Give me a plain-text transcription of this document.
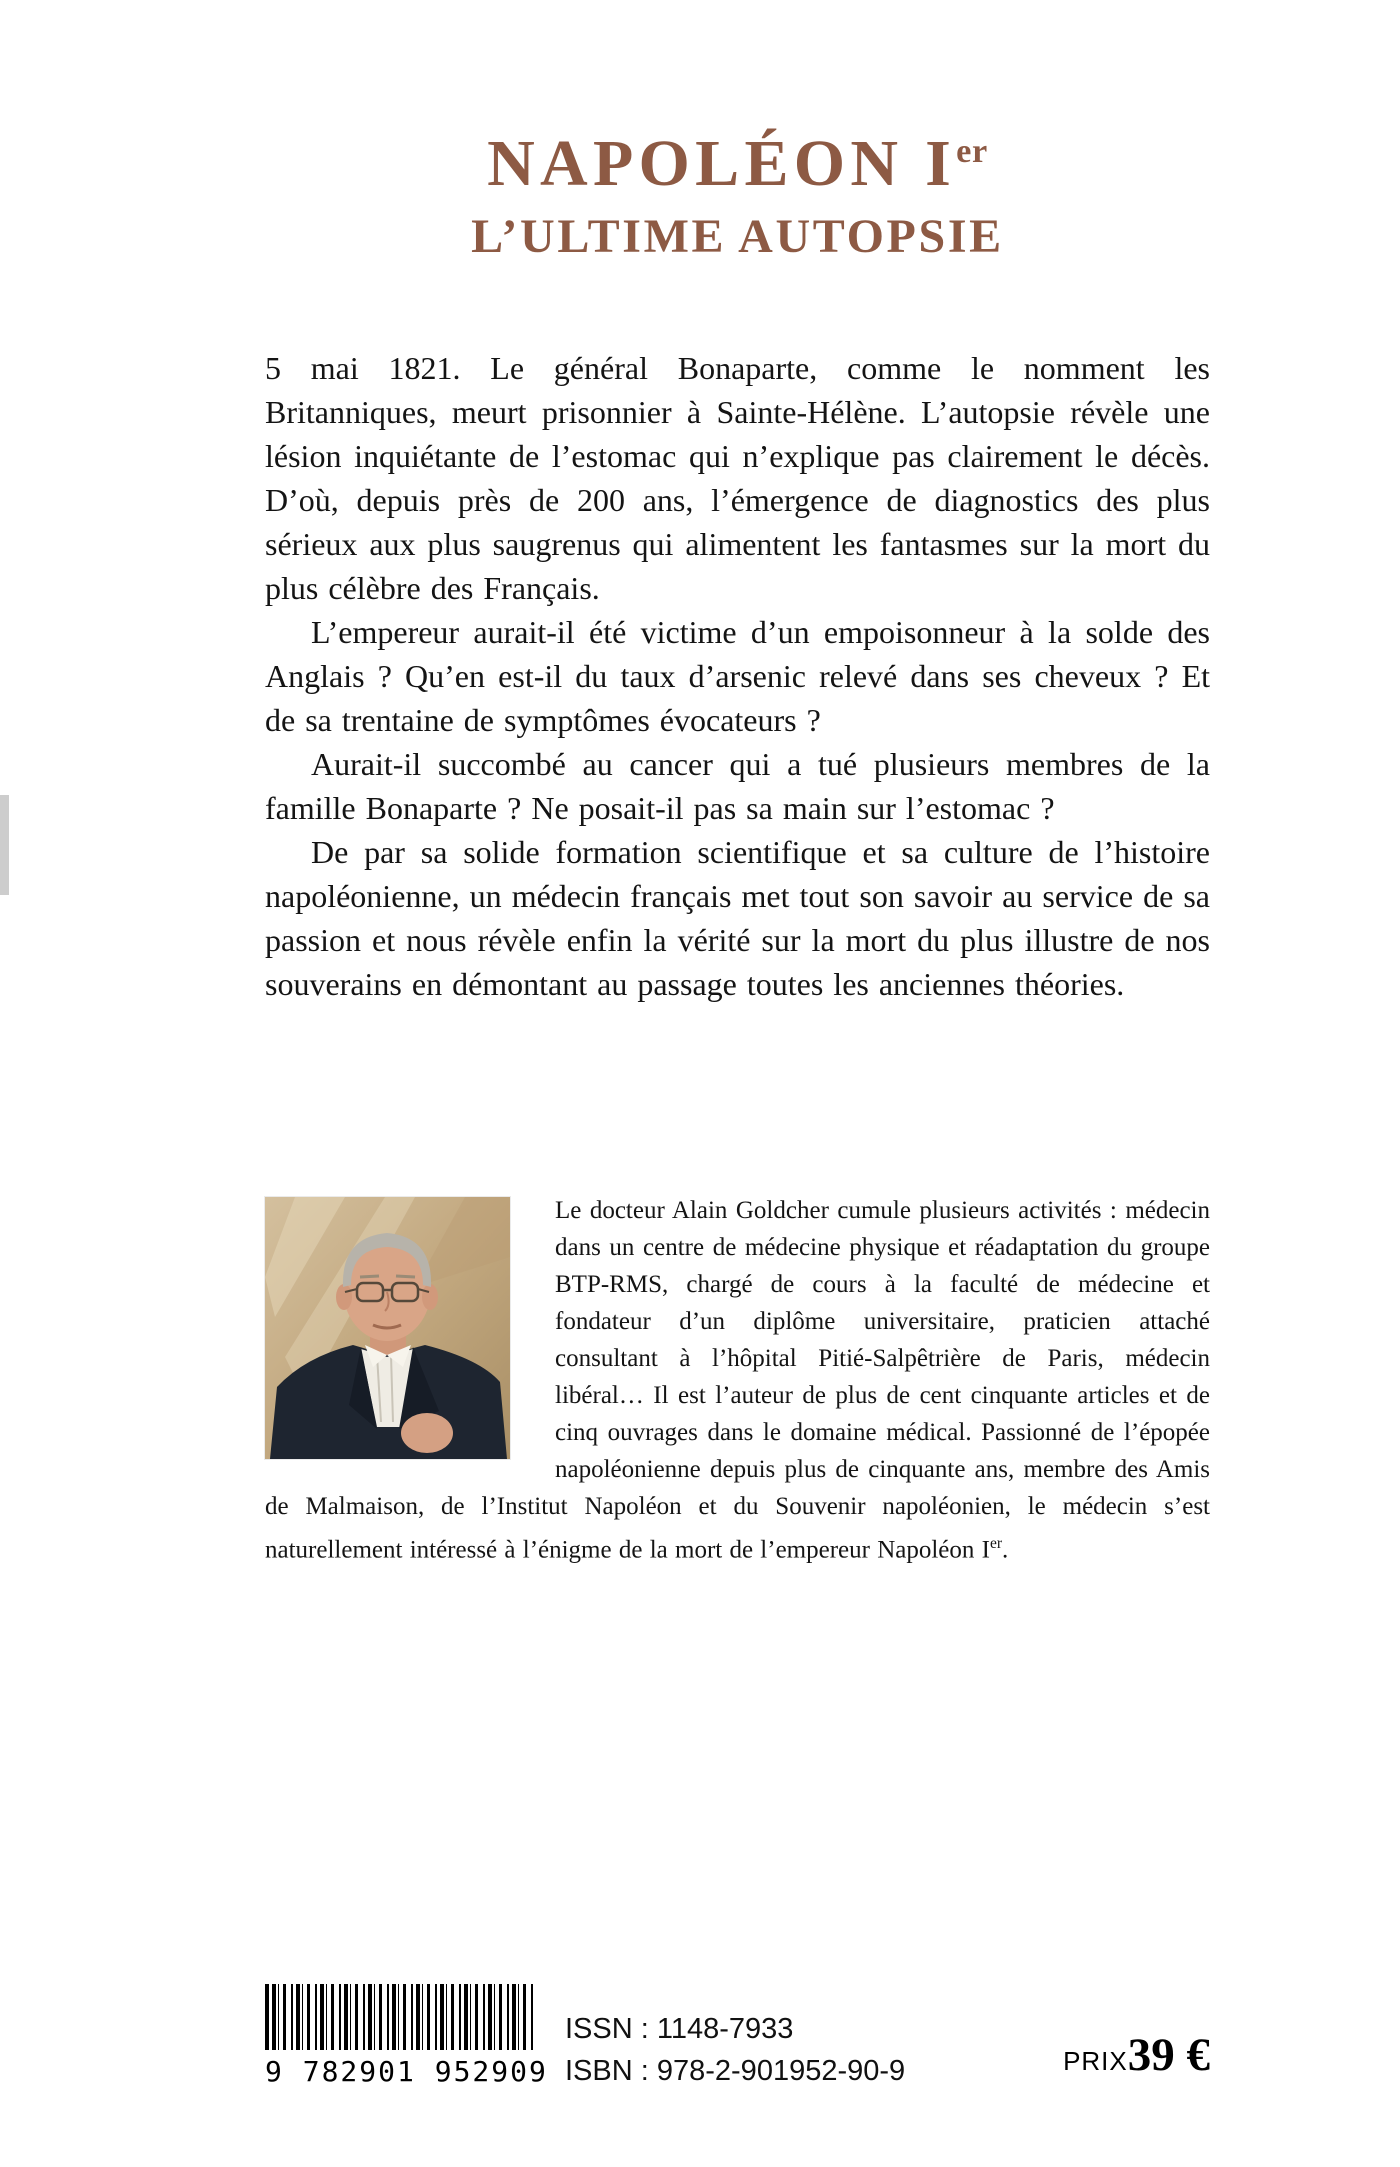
NAPOLÉON Ier
L’ULTIME AUTOPSIE

5 mai 1821. Le général Bonaparte, comme le nomment les Britanniques, meurt prisonnier à Sainte-Hélène. L’autopsie révèle une lésion inquiétante de l’estomac qui n’explique pas clairement le décès. D’où, depuis près de 200 ans, l’émergence de diagnostics des plus sérieux aux plus saugrenus qui alimentent les fantasmes sur la mort du plus célèbre des Français.

L’empereur aurait-il été victime d’un empoisonneur à la solde des Anglais ? Qu’en est-il du taux d’arsenic relevé dans ses cheveux ? Et de sa trentaine de symptômes évocateurs ?

Aurait-il succombé au cancer qui a tué plusieurs membres de la famille Bonaparte ? Ne posait-il pas sa main sur l’estomac ?

De par sa solide formation scientifique et sa culture de l’histoire napoléonienne, un médecin français met tout son savoir au service de sa passion et nous révèle enfin la vérité sur la mort du plus illustre de nos souverains en démontant au passage toutes les anciennes théories.

Le docteur Alain Goldcher cumule plusieurs activités : médecin dans un centre de médecine physique et réadaptation du groupe BTP-RMS, chargé de cours à la faculté de médecine et fondateur d’un diplôme universitaire, praticien attaché consultant à l’hôpital Pitié-Salpêtrière de Paris, médecin libéral… Il est l’auteur de plus de cent cinquante articles et de cinq ouvrages dans le domaine médical. Passionné de l’épopée napoléonienne depuis plus de cinquante ans, membre des Amis de Malmaison, de l’Institut Napoléon et du Souvenir napoléonien, le médecin s’est naturellement intéressé à l’énigme de la mort de l’empereur Napoléon Ier.

9 782901 952909
ISSN : 1148-7933
ISBN : 978-2-901952-90-9	PRIX39 €
